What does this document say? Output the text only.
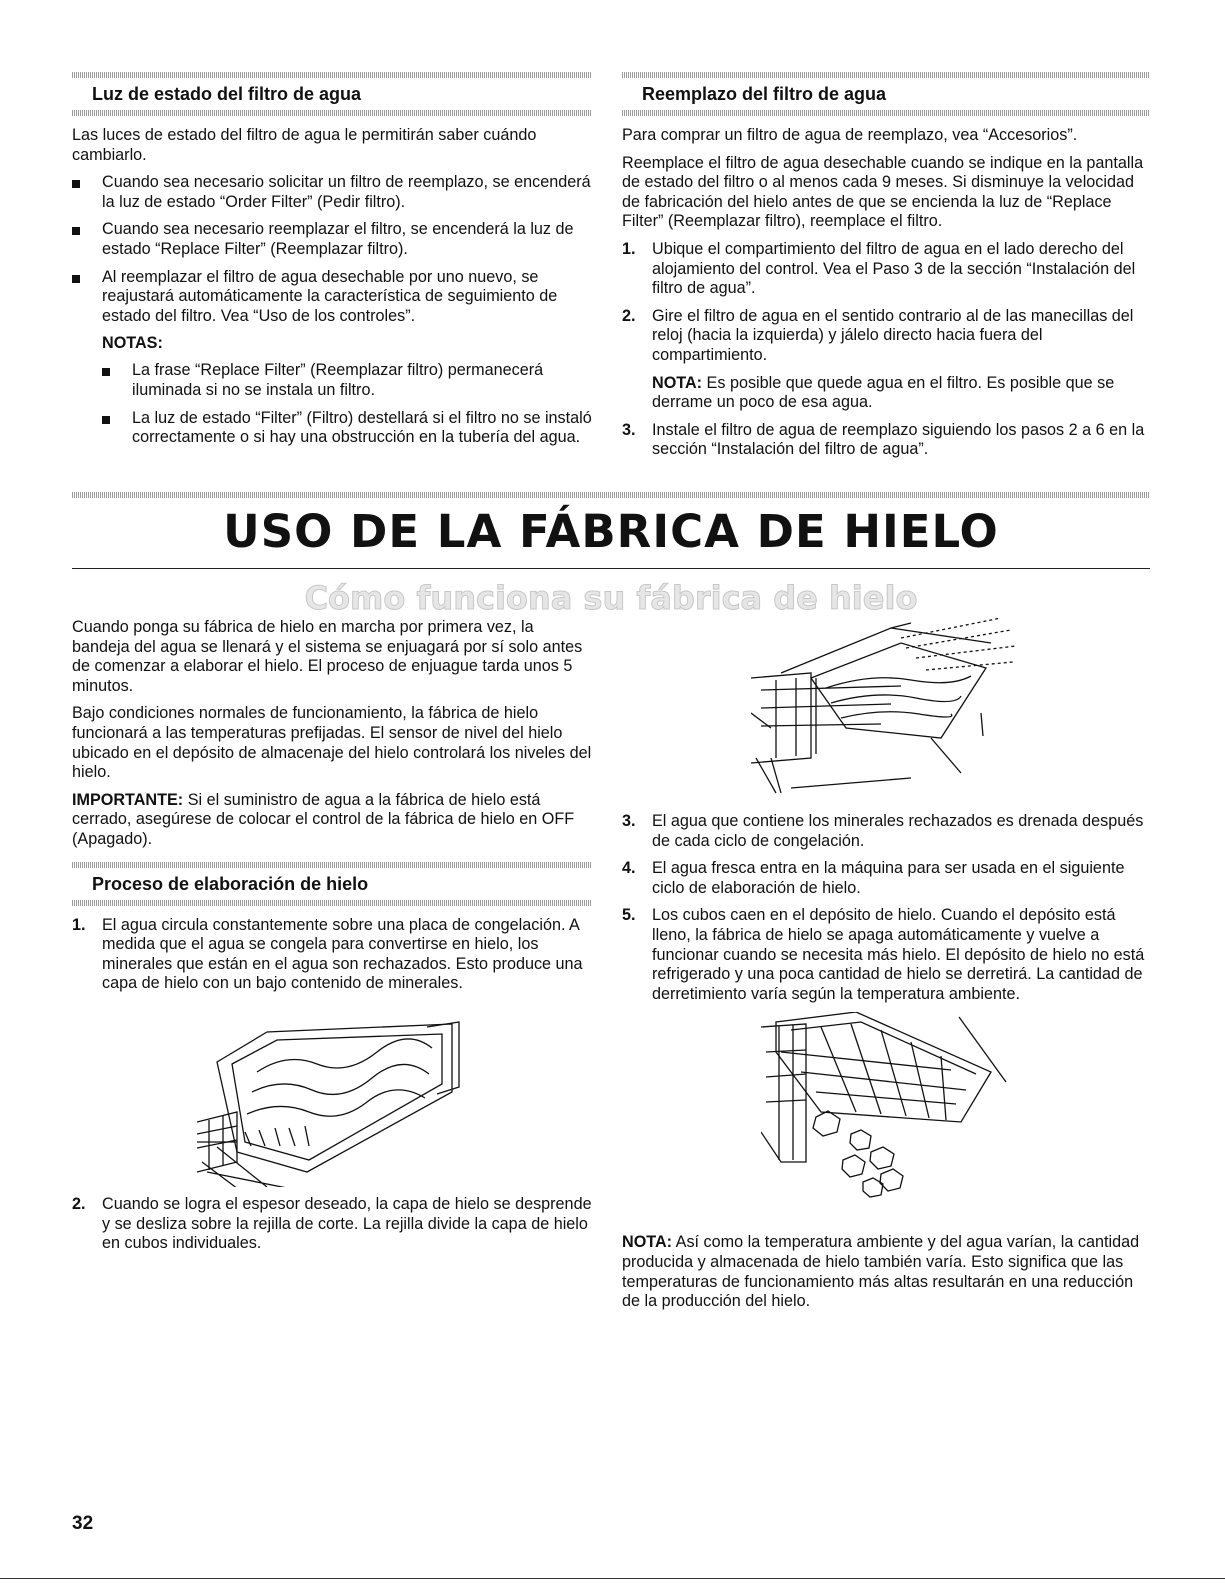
Luz de estado del filtro de agua

Las luces de estado del filtro de agua le permitirán saber cuándo cambiarlo.

Cuando sea necesario solicitar un filtro de reemplazo, se encenderá la luz de estado “Order Filter” (Pedir filtro).
Cuando sea necesario reemplazar el filtro, se encenderá la luz de estado “Replace Filter” (Reemplazar filtro).
Al reemplazar el filtro de agua desechable por uno nuevo, se reajustará automáticamente la característica de seguimiento de estado del filtro. Vea “Uso de los controles”.
NOTAS:
La frase “Replace Filter” (Reemplazar filtro) permanecerá iluminada si no se instala un filtro.
La luz de estado “Filter” (Filtro) destellará si el filtro no se instaló correctamente o si hay una obstrucción en la tubería del agua.
Reemplazo del filtro de agua

Para comprar un filtro de agua de reemplazo, vea “Accesorios”.

Reemplace el filtro de agua desechable cuando se indique en la pantalla de estado del filtro o al menos cada 9 meses. Si disminuye la velocidad de fabricación del hielo antes de que se encienda la luz de “Replace Filter” (Reemplazar filtro), reemplace el filtro.

1. Ubique el compartimiento del filtro de agua en el lado derecho del alojamiento del control. Vea el Paso 3 de la sección “Instalación del filtro de agua”.
2. Gire el filtro de agua en el sentido contrario al de las manecillas del reloj (hacia la izquierda) y jálelo directo hacia fuera del compartimiento.
NOTA: Es posible que quede agua en el filtro. Es posible que se derrame un poco de esa agua.
3. Instale el filtro de agua de reemplazo siguiendo los pasos 2 a 6 en la sección “Instalación del filtro de agua”.
USO DE LA FÁBRICA DE HIELO
Cómo funciona su fábrica de hielo

Cuando ponga su fábrica de hielo en marcha por primera vez, la bandeja del agua se llenará y el sistema se enjuagará por sí solo antes de comenzar a elaborar el hielo. El proceso de enjuague tarda unos 5 minutos.

Bajo condiciones normales de funcionamiento, la fábrica de hielo funcionará a las temperaturas prefijadas. El sensor de nivel del hielo ubicado en el depósito de almacenaje del hielo controlará los niveles del hielo.

IMPORTANTE: Si el suministro de agua a la fábrica de hielo está cerrado, asegúrese de colocar el control de la fábrica de hielo en OFF (Apagado).

Proceso de elaboración de hielo
1. El agua circula constantemente sobre una placa de congelación. A medida que el agua se congela para convertirse en hielo, los minerales que están en el agua son rechazados. Esto produce una capa de hielo con un bajo contenido de minerales.
2. Cuando se logra el espesor deseado, la capa de hielo se desprende y se desliza sobre la rejilla de corte. La rejilla divide la capa de hielo en cubos individuales.
3. El agua que contiene los minerales rechazados es drenada después de cada ciclo de congelación.
4. El agua fresca entra en la máquina para ser usada en el siguiente ciclo de elaboración de hielo.
5. Los cubos caen en el depósito de hielo. Cuando el depósito está lleno, la fábrica de hielo se apaga automáticamente y vuelve a funcionar cuando se necesita más hielo. El depósito de hielo no está refrigerado y una poca cantidad de hielo se derretirá. La cantidad de derretimiento varía según la temperatura ambiente.

NOTA: Así como la temperatura ambiente y del agua varían, la cantidad producida y almacenada de hielo también varía. Esto significa que las temperaturas de funcionamiento más altas resultarán en una reducción de la producción del hielo.

32
